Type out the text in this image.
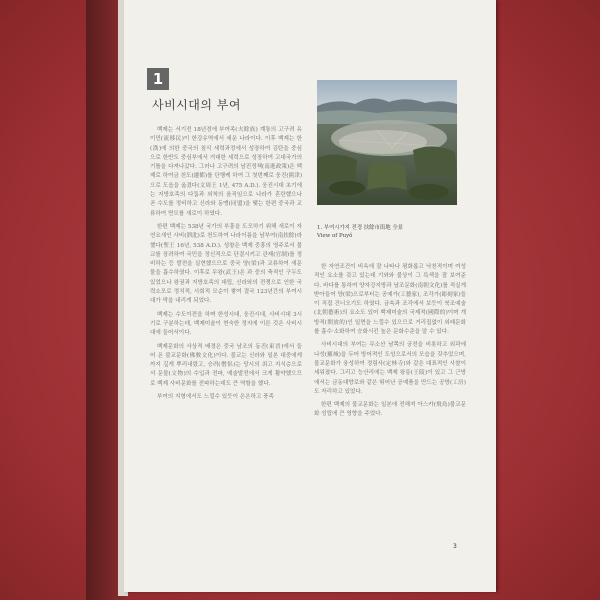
1
사비시대의 부여

백제는 서기전 18년경에 부여족(夫餘族) 계통의 고구려 유이민(流移民)이 한강유역에서 세운 나라이다. 이후 백제는 한(漢)에 의한 중국의 침식 세력과정에서 성장하여 김탄을 중심으로 한반도 중심부에서 거대한 세력으로 성장하여 고대국가의 기틀을 다져나갔다. 그러나 고구려의 남진정책(南進政策)은 백제로 하여금 천도(遷都)를 단행케 하여 그 첫번째로 웅진(熊津)으로 도읍을 옮겼다(文周王 1년, 475 A.D.). 웅진시대 초기에는 지방호족의 다툼과 외척의 움직임으로 나라가 혼란했으나 곧 수도를 정비하고 신라와 동맹(同盟)을 맺는 한편 중국과 교류하여 면모를 새로이 하였다.

한편 백제는 538년 국가의 부흥을 도모하기 위해 새로이 자연요새인 사비(泗沘)로 천도하여 나라이름을 남부여(南扶餘)라 했다(聖王 16년, 538 A.D.). 성왕은 백제 중흥의 영주로서 불교를 장려하여 국민을 정신적으로 단결시키고 관제(官制)를 정비하는 등 발전을 실현했으므로 중국 양(梁)과 교류하여 새문물을 흡수하였다. 이후로 무왕(武王)은 과 중의 축적인 구두도 있었으나 왕권과 지방호족의 대립, 신라와의 전쟁으로 인한 국력소모로 정치적, 사회적 모순이 쌓여 결국 123년간의 부여시대가 막을 내리게 되었다.

백제는 수도이전을 하며 한성시대, 웅진시대, 사비시대 3시기로 구분하는데, 백제미술이 현숙한 정지에 이른 것은 사비시대에 들어서이다.

백제문화의 사상적 배경은 중국 남조의 동진(東晋)에서 들어 온 불교문화(佛敎文化)이다. 불교는 신라와 일본 대중에게까지 깊게 뿌리내렸고, 승려(僧侶)는 당시의 최고 지식층으로서 문물(文物)의 수입과 전파, 예술발전에서 크게 활약했으므로 백제 사비문화를 전파하는데도 큰 역할을 했다.

부여의 지형에서도 느낄수 있듯이 은은하고 풍족

1. 부여시가지 전경 扶餘市街地 全景
View of Puyŏ

한 자연조건이 비옥에 잘 나타나 평화롭고 낙천적이며 여성적인 요소를 갖고 있는데 기와와 불상이 그 특색을 잘 보여준다. 바다를 통하여 양자강지방과 남조문화(南朝文化)를 적실게 받아들여 양(梁)으로부터는 공예가(工藝家), 조각가(彫刻家)들이 직접 건너오기도 하였다. 금속과 조각에서 보듯이 북조예술(北朝藝術)의 요소도 있어 백제미술의 국제적(國際的)이며 개방적(開放的)인 일면을 느낄수 있으므로 거리집없이 외래문화를 흡수·소화하여 승화시킨 높은 문화수준을 알 수 있다.

사비시대의 부여는 무소산 남쪽의 궁전을 비롯하고 외곽에 나성(羅城)을 두어 방어적인 도성으로서의 모습을 갖추었으며, 불교문화가 융성하여 정림사(定林寺)와 같은 대표적인 사찰이 세워졌다. 그리고 능산리에는 백제 왕릉(王陵)이 있고 그 근방에서는 금동대향로와 같은 뛰어난 공예품을 만드는 공방(工房)도 자리하고 있었다.

한편 백제의 불교문화는 일본에 전해져 아스카(飛鳥)불교문화 성립에 큰 영향을 주었다.

3
